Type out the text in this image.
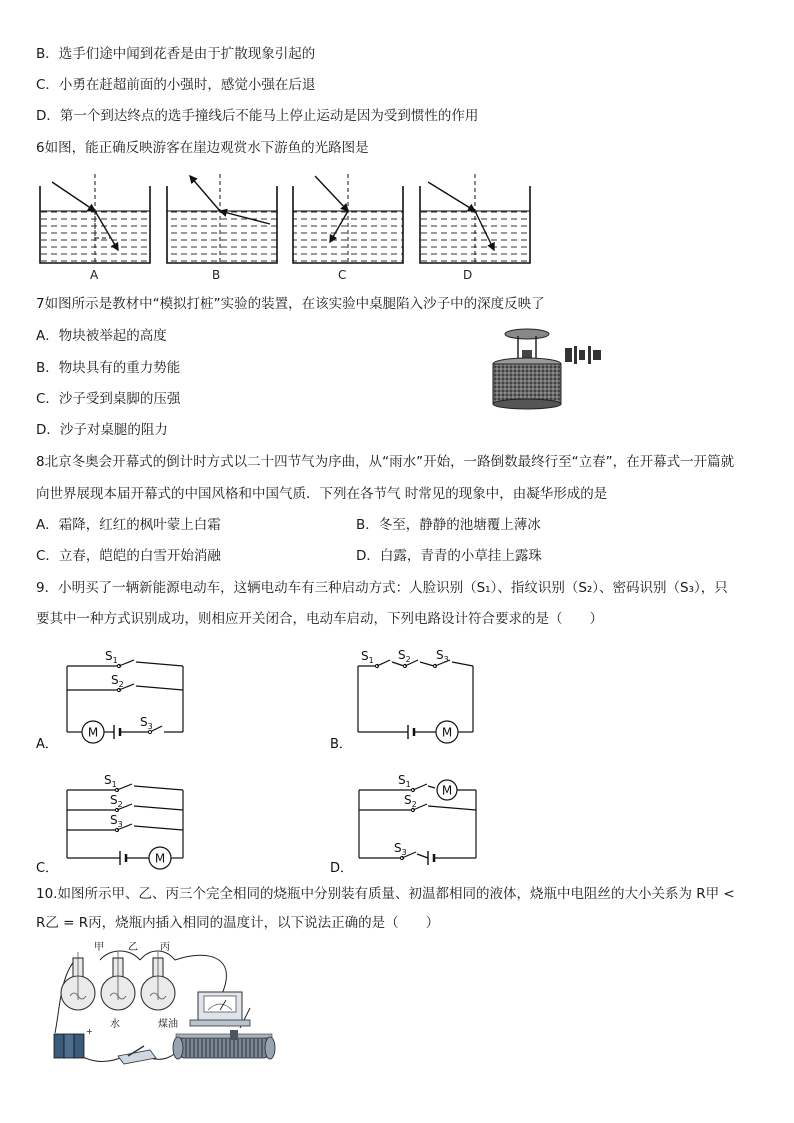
B．选手们途中闻到花香是由于扩散现象引起的
C．小勇在赶超前面的小强时，感觉小强在后退
D．第一个到达终点的选手撞线后不能马上停止运动是因为受到惯性的作用
6如图，能正确反映游客在崖边观赏水下游鱼的光路图是
A	B	C	D
7如图所示是教材中“模拟打桩”实验的装置，在该实验中桌腿陷入沙子中的深度反映了
A．物块被举起的高度
B．物块具有的重力势能
C．沙子受到桌脚的压强
D．沙子对桌腿的阻力
8北京冬奥会开幕式的倒计时方式以二十四节气为序曲，从“雨水”开始，一路倒数最终行至“立春”，在开幕式一开篇就
向世界展现本届开幕式的中国风格和中国气质．下列在各节气 时常见的现象中，由凝华形成的是
A．霜降，红红的枫叶蒙上白霜	B．冬至，静静的池塘覆上薄冰
C．立春，皑皑的白雪开始消融	D．白露，青青的小草挂上露珠
9．小明买了一辆新能源电动车，这辆电动车有三种启动方式：人脸识别（S₁）、指纹识别（S₂）、密码识别（S₃），只
要其中一种方式识别成功，则相应开关闭合，电动车启动，下列电路设计符合要求的是（　　）
M
$S_1$
$S_2$
$S_3$
A．
M
$S_1$ $S_2$ $S_3$
B．
M
$S_1$
$S_2$
$S_3$
C．
M
$S_1$
$S_2$
$S_3$
D．
10.如图所示甲、乙、丙三个完全相同的烧瓶中分别装有质量、初温都相同的液体，烧瓶中电阻丝的大小关系为 R甲 <
R乙 = R丙，烧瓶内插入相同的温度计，以下说法正确的是（　　）
甲 乙 丙
水	煤油
+
